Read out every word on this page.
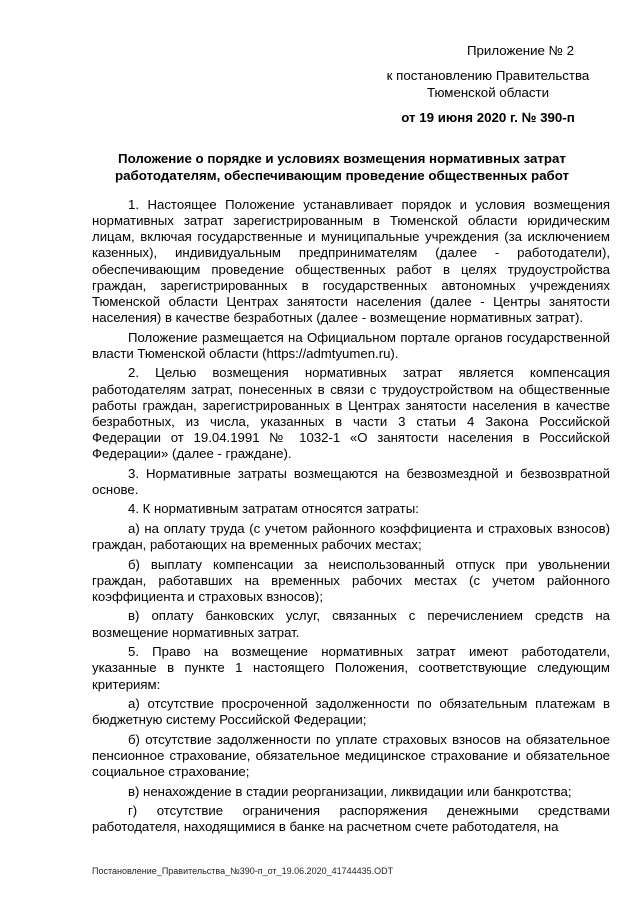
Приложение № 2
к постановлению Правительства
Тюменской области
от 19 июня 2020 г. № 390-п
Положение о порядке и условиях возмещения нормативных затрат
работодателям, обеспечивающим проведение общественных работ

1. Настоящее Положение устанавливает порядок и условия возмещения нормативных затрат зарегистрированным в Тюменской области юридическим лицам, включая государственные и муниципальные учреждения (за исключением казенных), индивидуальным предпринимателям (далее - работодатели), обеспечивающим проведение общественных работ в целях трудоустройства граждан, зарегистрированных в государственных автономных учреждениях Тюменской области Центрах занятости населения (далее - Центры занятости населения) в качестве безработных (далее - возмещение нормативных затрат).

Положение размещается на Официальном портале органов государственной власти Тюменской области (https://admtyumen.ru).

2. Целью возмещения нормативных затрат является компенсация работодателям затрат, понесенных в связи с трудоустройством на общественные работы граждан, зарегистрированных в Центрах занятости населения в качестве безработных, из числа, указанных в части 3 статьи 4 Закона Российской Федерации от 19.04.1991 № 1032-1 «О занятости населения в Российской Федерации» (далее - граждане).

3. Нормативные затраты возмещаются на безвозмездной и безвозвратной основе.

4. К нормативным затратам относятся затраты:

а) на оплату труда (с учетом районного коэффициента и страховых взносов) граждан, работающих на временных рабочих местах;

б) выплату компенсации за неиспользованный отпуск при увольнении граждан, работавших на временных рабочих местах (с учетом районного коэффициента и страховых взносов);

в) оплату банковских услуг, связанных с перечислением средств на возмещение нормативных затрат.

5. Право на возмещение нормативных затрат имеют работодатели, указанные в пункте 1 настоящего Положения, соответствующие следующим критериям:

а) отсутствие просроченной задолженности по обязательным платежам в бюджетную систему Российской Федерации;

б) отсутствие задолженности по уплате страховых взносов на обязательное пенсионное страхование, обязательное медицинское страхование и обязательное социальное страхование;

в) ненахождение в стадии реорганизации, ликвидации или банкротства;

г) отсутствие ограничения распоряжения денежными средствами работодателя, находящимися в банке на расчетном счете работодателя, на

Постановление_Правительства_№390-п_от_19.06.2020_41744435.ODT
